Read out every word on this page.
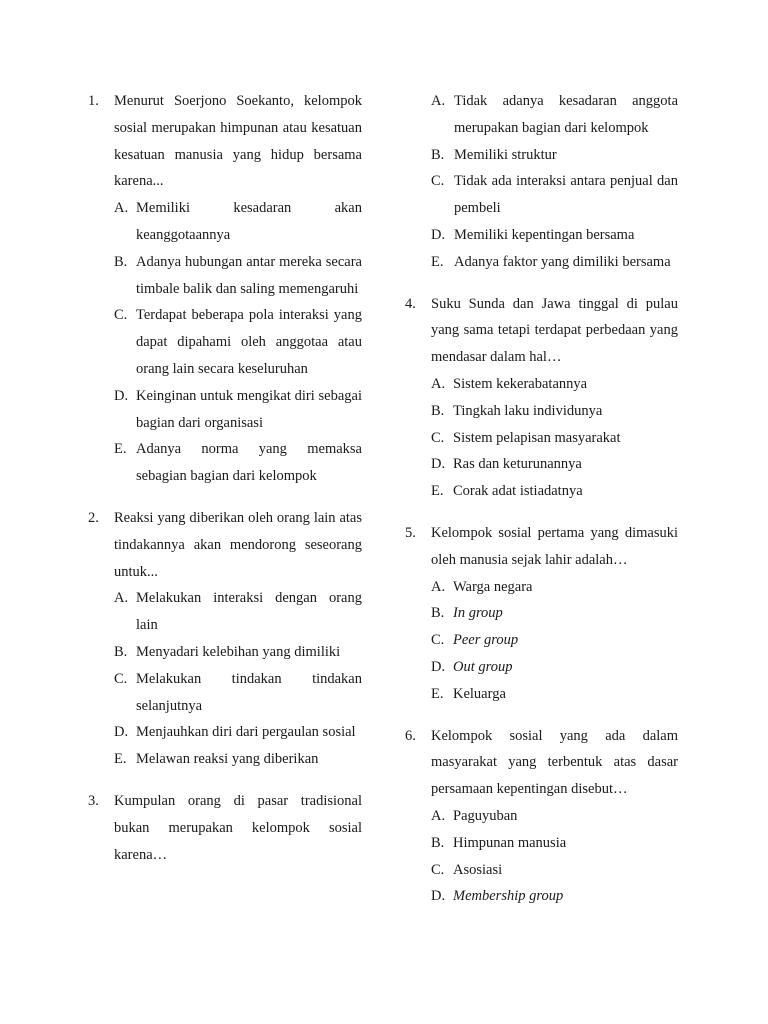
1.	Menurut Soerjono Soekanto, kelompok sosial merupakan himpunan atau kesatuan kesatuan manusia yang hidup bersama karena...

A. Memiliki kesadaran akan keanggotaannya
B. Adanya hubungan antar mereka secara timbale balik dan saling memengaruhi
C. Terdapat beberapa pola interaksi yang dapat dipahami oleh anggotaa atau orang lain secara keseluruhan
D. Keinginan untuk mengikat diri sebagai bagian dari organisasi
E. Adanya norma yang memaksa sebagian bagian dari kelompok
2.	Reaksi yang diberikan oleh orang lain atas tindakannya akan mendorong seseorang untuk...

A. Melakukan interaksi dengan orang lain
B. Menyadari kelebihan yang dimiliki
C. Melakukan tindakan tindakan selanjutnya
D. Menjauhkan diri dari pergaulan sosial
E. Melawan reaksi yang diberikan
3.	Kumpulan orang di pasar tradisional bukan merupakan kelompok sosial karena…

A. Tidak adanya kesadaran anggota merupakan bagian dari kelompok
B. Memiliki struktur
C. Tidak ada interaksi antara penjual dan pembeli
D. Memiliki kepentingan bersama
E. Adanya faktor yang dimiliki bersama
4.	Suku Sunda dan Jawa tinggal di pulau yang sama tetapi terdapat perbedaan yang mendasar dalam hal…

A. Sistem kekerabatannya
B. Tingkah laku individunya
C. Sistem pelapisan masyarakat
D. Ras dan keturunannya
E. Corak adat istiadatnya
5.	Kelompok sosial pertama yang dimasuki oleh manusia sejak lahir adalah…

A. Warga negara
B. In group
C. Peer group
D. Out group
E. Keluarga
6.	Kelompok sosial yang ada dalam masyarakat yang terbentuk atas dasar persamaan kepentingan disebut…

A. Paguyuban
B. Himpunan manusia
C. Asosiasi
D. Membership group
